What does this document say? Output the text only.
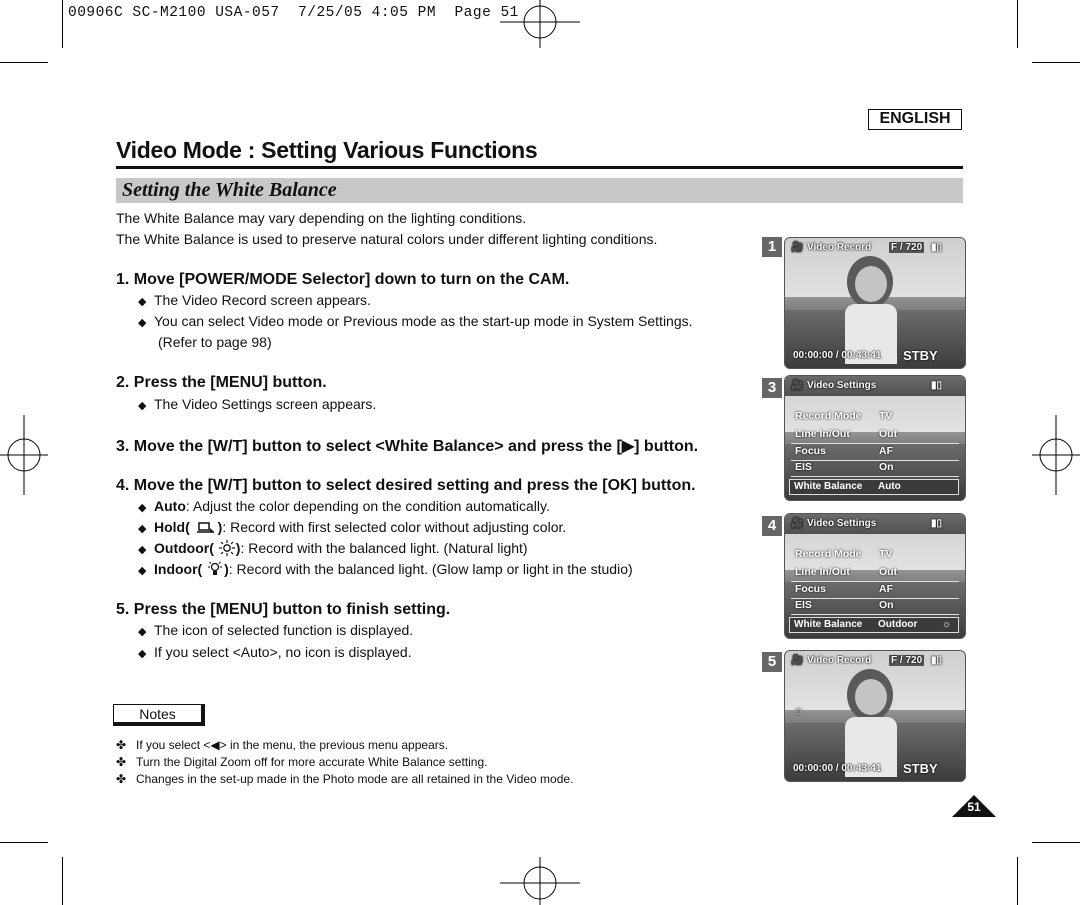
00906C SC-M2100 USA-057  7/25/05 4:05 PM  Page 51
ENGLISH
Video Mode : Setting Various Functions
Setting the White Balance
The White Balance may vary depending on the lighting conditions.
The White Balance is used to preserve natural colors under different lighting conditions.
1. Move [POWER/MODE Selector] down to turn on the CAM.
◆ The Video Record screen appears.
◆ You can select Video mode or Previous mode as the start-up mode in System Settings.
(Refer to page 98)
2. Press the [MENU] button.
◆ The Video Settings screen appears.
3. Move the [W/T] button to select <White Balance> and press the [▶] button.
4. Move the [W/T] button to select desired setting and press the [OK] button.
◆ Auto: Adjust the color depending on the condition automatically.
◆ Hold( ): Record with first selected color without adjusting color.
◆ Outdoor( ): Record with the balanced light. (Natural light)
◆ Indoor( ): Record with the balanced light. (Glow lamp or light in the studio)
5. Press the [MENU] button to finish setting.
◆ The icon of selected function is displayed.
◆ If you select <Auto>, no icon is displayed.
Notes
✤ If you select <◀> in the menu, the previous menu appears.
✤ Turn the Digital Zoom off for more accurate White Balance setting.
✤ Changes in the set-up made in the Photo mode are all retained in the Video mode.
51
1	🎥 Video Record F / 720 ▮▯
00:00:00 / 00:43:41 STBY
3	🎥 Video Settings	▮▯
Record Mode TV
Line In/Out	Out
Focus	AF
EIS	On
White Balance Auto
4	🎥 Video Settings	▮▯
Record Mode TV
Line In/Out	Out
Focus	AF
EIS	On
White Balance Outdoor ☼
5	🎥 Video Record F / 720 ▮▯
☼
00:00:00 / 00:43:41 STBY
